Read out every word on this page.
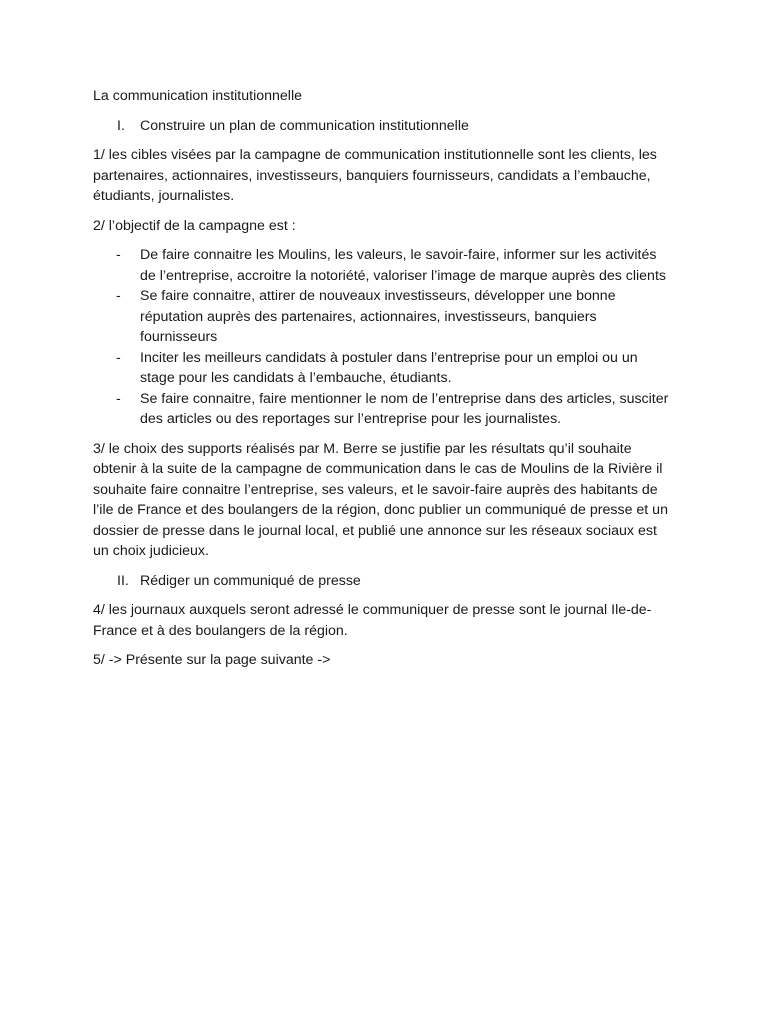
La communication institutionnelle

I.	Construire un plan de communication institutionnelle

1/ les cibles visées par la campagne de communication institutionnelle sont les clients, les partenaires, actionnaires, investisseurs, banquiers fournisseurs, candidats a l’embauche, étudiants, journalistes.

2/ l’objectif de la campagne est :

-	De faire connaitre les Moulins, les valeurs, le savoir-faire, informer sur les activités de l’entreprise, accroitre la notoriété, valoriser l’image de marque auprès des clients
-	Se faire connaitre, attirer de nouveaux investisseurs, développer une bonne réputation auprès des partenaires, actionnaires, investisseurs, banquiers fournisseurs
-	Inciter les meilleurs candidats à postuler dans l’entreprise pour un emploi ou un stage pour les candidats à l’embauche, étudiants.
-	Se faire connaitre, faire mentionner le nom de l’entreprise dans des articles, susciter des articles ou des reportages sur l’entreprise pour les journalistes.

3/ le choix des supports réalisés par M. Berre se justifie par les résultats qu’il souhaite obtenir à la suite de la campagne de communication dans le cas de Moulins de la Rivière il souhaite faire connaitre l’entreprise, ses valeurs, et le savoir-faire auprès des habitants de l’ile de France et des boulangers de la région, donc publier un communiqué de presse et un dossier de presse dans le journal local, et publié une annonce sur les réseaux sociaux est un choix judicieux.

II. Rédiger un communiqué de presse

4/ les journaux auxquels seront adressé le communiquer de presse sont le journal Ile-de-France et à des boulangers de la région.

5/ -> Présente sur la page suivante ->
